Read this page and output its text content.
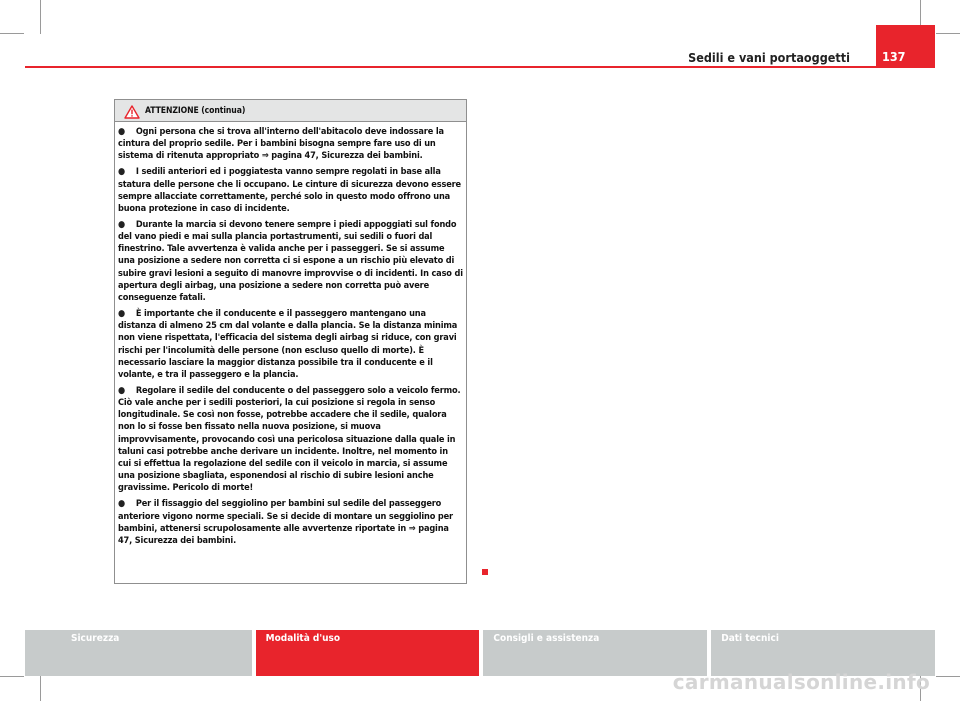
Sedili e vani portaoggetti	137
ATTENZIONE (continua)

●    Ogni persona che si trova all'interno dell'abitacolo deve indossare la cintura del proprio sedile. Per i bambini bisogna sempre fare uso di un sistema di ritenuta appropriato ⇒ pagina 47, Sicurezza dei bambini.

●    I sedili anteriori ed i poggiatesta vanno sempre regolati in base alla statura delle persone che li occupano. Le cinture di sicurezza devono essere sempre allacciate correttamente, perché solo in questo modo offrono una buona protezione in caso di incidente.

●    Durante la marcia si devono tenere sempre i piedi appoggiati sul fondo del vano piedi e mai sulla plancia portastrumenti, sui sedili o fuori dal finestrino. Tale avvertenza è valida anche per i passeggeri. Se si assume una posizione a sedere non corretta ci si espone a un rischio più elevato di subire gravi lesioni a seguito di manovre improvvise o di incidenti. In caso di apertura degli airbag, una posizione a sedere non corretta può avere conseguenze fatali.

●    È importante che il conducente e il passeggero mantengano una distanza di almeno 25 cm dal volante e dalla plancia. Se la distanza minima non viene rispettata, l'efficacia del sistema degli airbag si riduce, con gravi rischi per l'incolumità delle persone (non escluso quello di morte). È necessario lasciare la maggior distanza possibile tra il conducente e il volante, e tra il passeggero e la plancia.

●    Regolare il sedile del conducente o del passeggero solo a veicolo fermo. Ciò vale anche per i sedili posteriori, la cui posizione si regola in senso longitudinale. Se così non fosse, potrebbe accadere che il sedile, qualora non lo si fosse ben fissato nella nuova posizione, si muova improvvisamente, provocando così una pericolosa situazione dalla quale in taluni casi potrebbe anche derivare un incidente. Inoltre, nel momento in cui si effettua la regolazione del sedile con il veicolo in marcia, si assume una posizione sbagliata, esponendosi al rischio di subire lesioni anche gravissime. Pericolo di morte!

●    Per il fissaggio del seggiolino per bambini sul sedile del passeggero anteriore vigono norme speciali. Se si decide di montare un seggiolino per bambini, attenersi scrupolosamente alle avvertenze riportate in ⇒ pagina 47, Sicurezza dei bambini.

Sicurezza	Modalità d'uso	Consigli e assistenza	Dati tecnici
carmanualsonline.info
